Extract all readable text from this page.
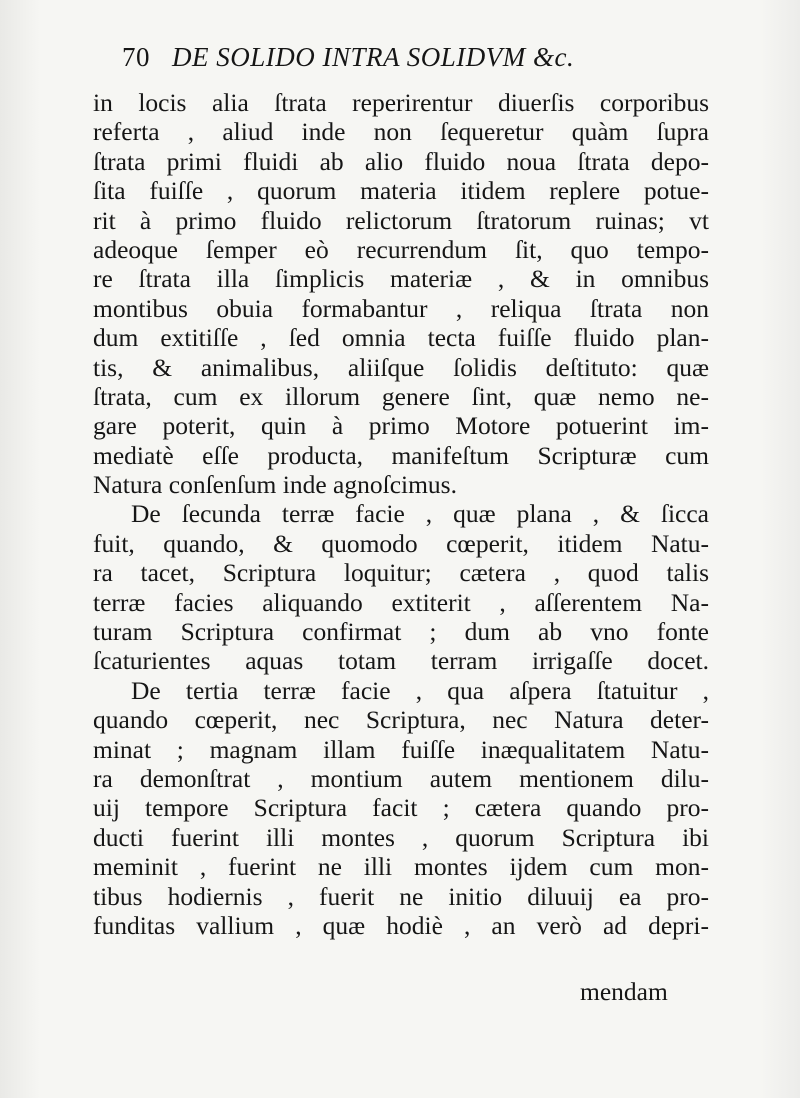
70 DE SOLIDO INTRA SOLIDVM &c.
in locis alia ſtrata reperirentur diuerſis corporibus
referta , aliud inde non ſequeretur quàm ſupra
ſtrata primi fluidi ab alio fluido noua ſtrata depo-
ſita fuiſſe , quorum materia itidem replere potue-
rit à primo fluido relictorum ſtratorum ruinas; vt
adeoque ſemper eò recurrendum ſit, quo tempo-
re ſtrata illa ſimplicis materiæ , & in omnibus
montibus obuia formabantur , reliqua ſtrata non
dum extitiſſe , ſed omnia tecta fuiſſe fluido plan-
tis, & animalibus, aliiſque ſolidis deſtituto: quæ
ſtrata, cum ex illorum genere ſint, quæ nemo ne-
gare poterit, quin à primo Motore potuerint im-
mediatè eſſe producta, manifeſtum Scripturæ cum
Natura conſenſum inde agnoſcimus.
De ſecunda terræ facie , quæ plana , & ſicca
fuit, quando, & quomodo cœperit, itidem Natu-
ra tacet, Scriptura loquitur; cætera , quod talis
terræ facies aliquando extiterit , aſſerentem Na-
turam Scriptura confirmat ; dum ab vno fonte
ſcaturientes aquas totam terram irrigaſſe docet.
De tertia terræ facie , qua aſpera ſtatuitur ,
quando cœperit, nec Scriptura, nec Natura deter-
minat ; magnam illam fuiſſe inæqualitatem Natu-
ra demonſtrat , montium autem mentionem dilu-
uij tempore Scriptura facit ; cætera quando pro-
ducti fuerint illi montes , quorum Scriptura ibi
meminit , fuerint ne illi montes ijdem cum mon-
tibus hodiernis , fuerit ne initio diluuij ea pro-
funditas vallium , quæ hodiè , an verò ad depri-
mendam
